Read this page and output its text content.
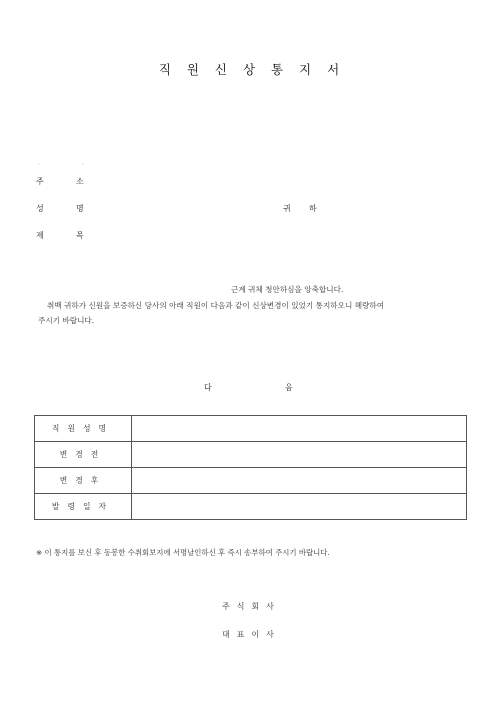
직 원 신 상 통 지 서
'	'
주	소
성	명	귀 하
제	목
근계 귀체 청안하심을 앙축합니다.
취백 귀하가 신원을 보증하신 당사의 아래 직원이 다음과 같이 신상변경이 있었기 통지하오니 혜량하여
주시기 바랍니다.
다	음
직원성명	
변경전	
변경후	
발령일자	
※ 이 통지를 보신 후 동봉한 수취회보지에 서명날인하신 후 즉시 송부하여 주시기 바랍니다.
주식회사
대표이사
